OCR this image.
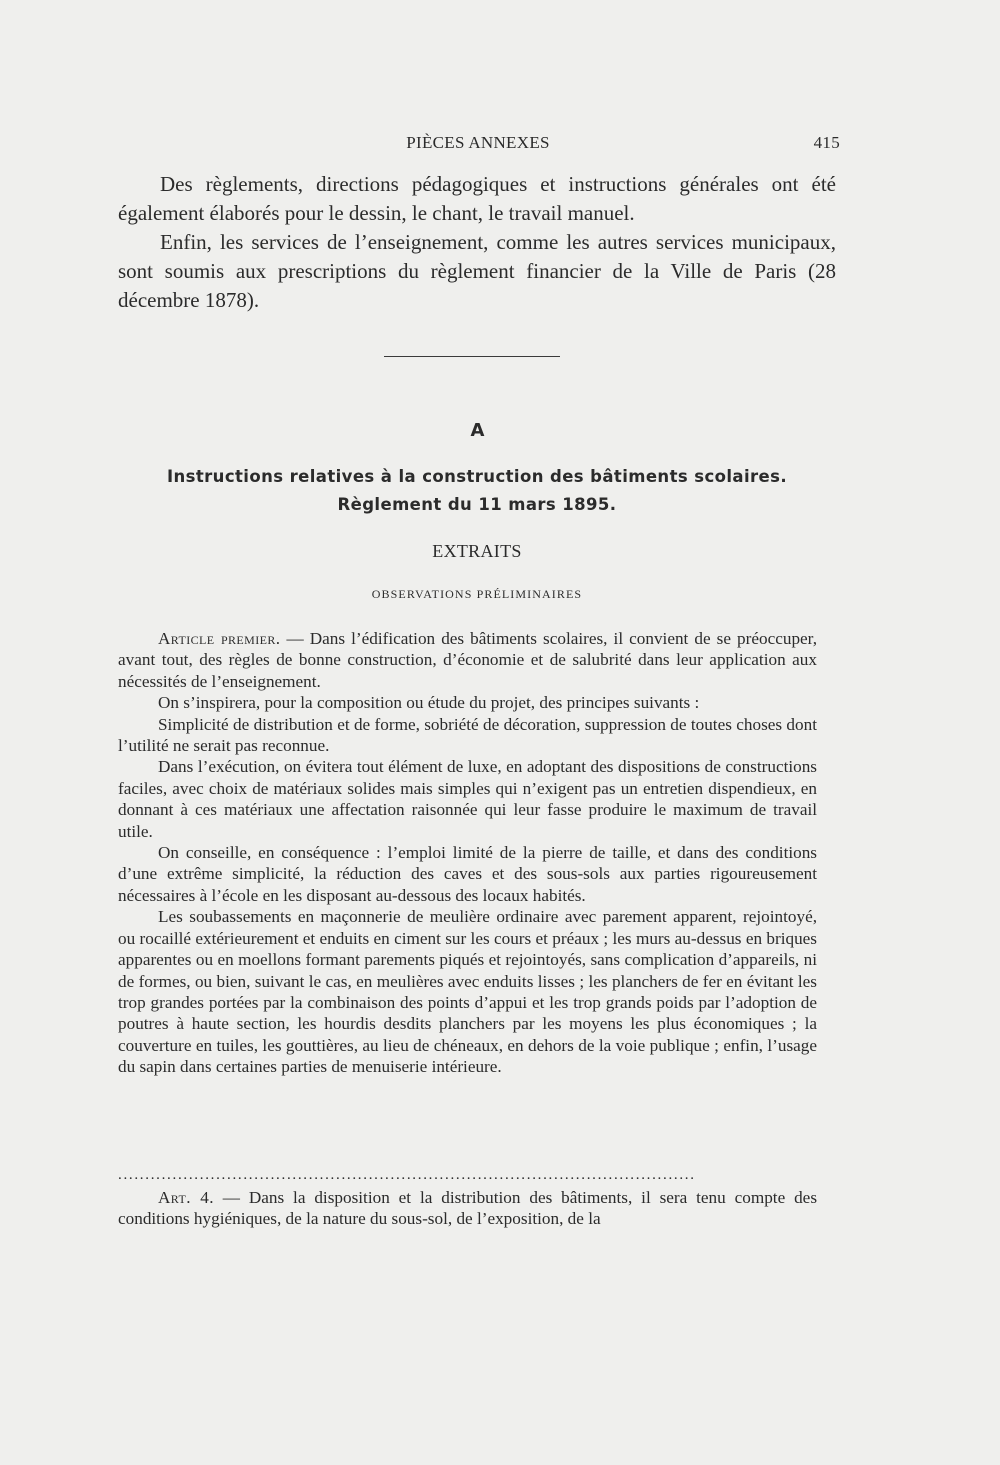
PIÈCES ANNEXES	415

Des règlements, directions pédagogiques et instructions générales ont été également élaborés pour le dessin, le chant, le travail manuel.

Enfin, les services de l’enseignement, comme les autres services municipaux, sont soumis aux prescriptions du règlement financier de la Ville de Paris (28 décembre 1878).

A
Instructions relatives à la construction des bâtiments scolaires.
Règlement du 11 mars 1895.
EXTRAITS
OBSERVATIONS PRÉLIMINAIRES

Article premier. — Dans l’édification des bâtiments scolaires, il convient de se préoccuper, avant tout, des règles de bonne construction, d’économie et de salubrité dans leur application aux nécessités de l’enseignement.

On s’inspirera, pour la composition ou étude du projet, des principes suivants :

Simplicité de distribution et de forme, sobriété de décoration, suppression de toutes choses dont l’utilité ne serait pas reconnue.

Dans l’exécution, on évitera tout élément de luxe, en adoptant des dispositions de constructions faciles, avec choix de matériaux solides mais simples qui n’exigent pas un entretien dispendieux, en donnant à ces matériaux une affectation raisonnée qui leur fasse produire le maximum de travail utile.

On conseille, en conséquence : l’emploi limité de la pierre de taille, et dans des conditions d’une extrême simplicité, la réduction des caves et des sous-sols aux parties rigoureusement nécessaires à l’école en les disposant au-dessous des locaux habités.

Les soubassements en maçonnerie de meulière ordinaire avec parement apparent, rejointoyé, ou rocaillé extérieurement et enduits en ciment sur les cours et préaux ; les murs au-dessus en briques apparentes ou en moellons formant parements piqués et rejointoyés, sans complication d’appareils, ni de formes, ou bien, suivant le cas, en meulières avec enduits lisses ; les planchers de fer en évitant les trop grandes portées par la combinaison des points d’appui et les trop grands poids par l’adoption de poutres à haute section, les hourdis desdits planchers par les moyens les plus économiques ; la couverture en tuiles, les gouttières, au lieu de chéneaux, en dehors de la voie publique ; enfin, l’usage du sapin dans certaines parties de menuiserie intérieure.

..........................................................................................................

Art. 4. — Dans la disposition et la distribution des bâtiments, il sera tenu compte des conditions hygiéniques, de la nature du sous-sol, de l’exposition, de la
